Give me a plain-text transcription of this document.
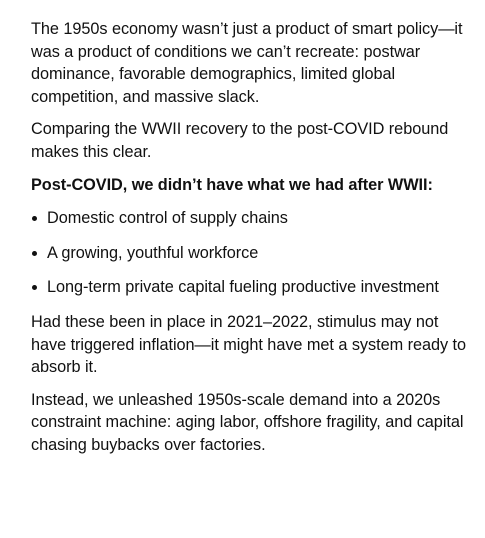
The 1950s economy wasn’t just a product of smart policy—it was a product of conditions we can’t recreate: postwar dominance, favorable demographics, limited global competition, and massive slack.

Comparing the WWII recovery to the post-COVID rebound makes this clear.

Post-COVID, we didn’t have what we had after WWII:

Domestic control of supply chains
A growing, youthful workforce
Long-term private capital fueling productive investment

Had these been in place in 2021–2022, stimulus may not have triggered inflation—it might have met a system ready to absorb it.

Instead, we unleashed 1950s-scale demand into a 2020s constraint machine: aging labor, offshore fragility, and capital chasing buybacks over factories.
